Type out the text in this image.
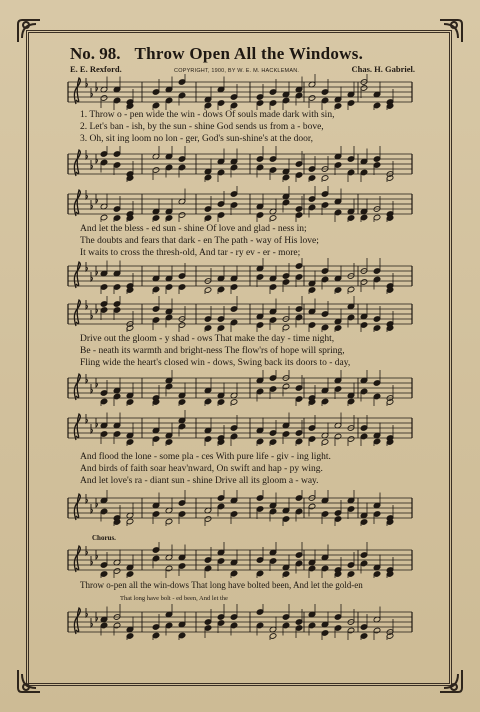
No. 98. Throw Open All the Windows.
E. E. Rexford.	COPYRIGHT, 1900, BY W. E. M. HACKLEMAN.	Chas. H. Gabriel.
1. Throw o - pen wide the win - dows Of souls made dark with sin,
2. Let's ban - ish, by the sun - shine God sends us from a - bove,
3. Oh, sit ing loom no lon - ger, God's sun-shine's at the door,
And let the bless - ed sun - shine Of love and glad - ness in;
The doubts and fears that dark - en The path - way of His love;
It waits to cross the thresh-old, And tar - ry ev - er - more;
Drive out the gloom - y shad - ows That make the day - time night,
Be - neath its warmth and bright-ness The flow'rs of hope will spring,
Fling wide the heart's closed win - dows, Swing back its doors to - day,
And flood the lone - some pla - ces With pure life - giv - ing light.
And birds of faith soar heav'nward, On swift and hap - py wing.
And let love's ra - diant sun - shine Drive all its gloom a - way.
Chorus.
Throw o-pen all the win-dows That long have bolted been, And let the gold-en
That long have bolt - ed been, And let the
